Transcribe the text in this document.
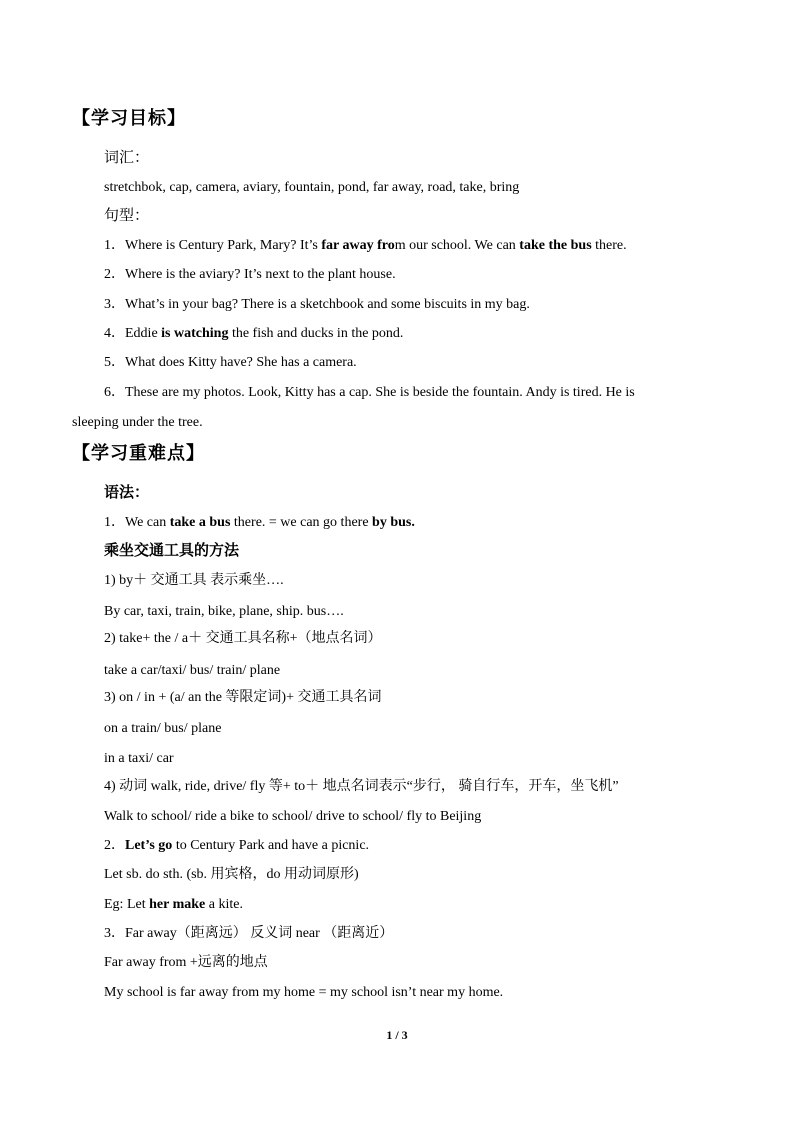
【学习目标】
词汇：
stretchbok, cap, camera, aviary, fountain, pond, far away, road, take, bring
句型：
1．Where is Century Park, Mary? It’s far away from our school. We can take the bus there.
2．Where is the aviary? It’s next to the plant house.
3．What’s in your bag? There is a sketchbook and some biscuits in my bag.
4．Eddie is watching the fish and ducks in the pond.
5．What does Kitty have? She has a camera.
6．These are my photos. Look, Kitty has a cap. She is beside the fountain. Andy is tired. He is
sleeping under the tree.
【学习重难点】
语法：
1．We can take a bus there. = we can go there by bus.
乘坐交通工具的方法
1) by＋ 交通工具 表示乘坐….
By car, taxi, train, bike, plane, ship. bus….
2) take+ the / a＋ 交通工具名称+（地点名词）
take a car/taxi/ bus/ train/ plane
3) on / in + (a/ an the 等限定词)+ 交通工具名词
on a train/ bus/ plane
in a taxi/ car
4) 动词 walk, ride, drive/ fly 等+ to＋ 地点名词表示“步行， 骑自行车，开车，坐飞机”
Walk to school/ ride a bike to school/ drive to school/ fly to Beijing
2．Let’s go to Century Park and have a picnic.
Let sb. do sth. (sb. 用宾格，do 用动词原形)
Eg: Let her make a kite.
3．Far away（距离远） 反义词 near （距离近）
Far away from +远离的地点
My school is far away from my home = my school isn’t near my home.
1 / 3
